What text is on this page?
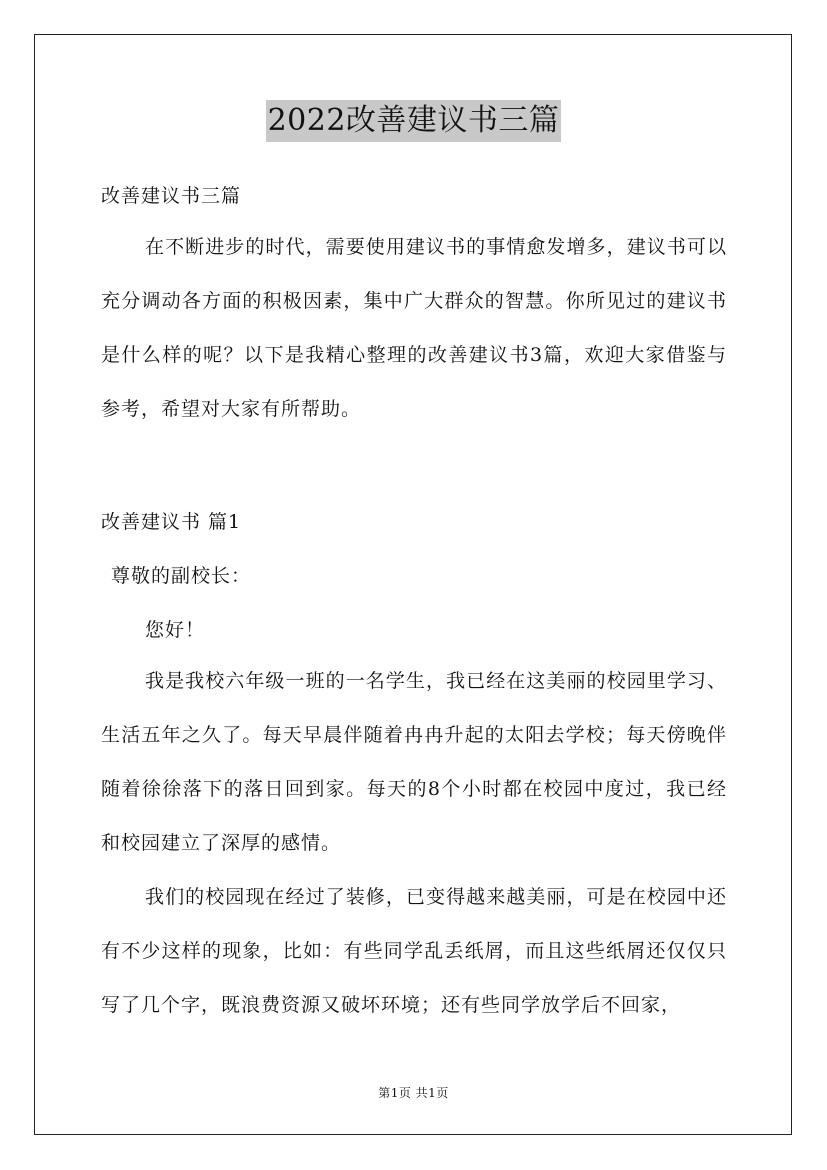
2022改善建议书三篇
改善建议书三篇

在不断进步的时代，需要使用建议书的事情愈发增多，建议书可以充分调动各方面的积极因素，集中广大群众的智慧。你所见过的建议书是什么样的呢？以下是我精心整理的改善建议书3篇，欢迎大家借鉴与参考，希望对大家有所帮助。

改善建议书 篇1
尊敬的副校长：
您好！

我是我校六年级一班的一名学生，我已经在这美丽的校园里学习、生活五年之久了。每天早晨伴随着冉冉升起的太阳去学校；每天傍晚伴随着徐徐落下的落日回到家。每天的8个小时都在校园中度过，我已经和校园建立了深厚的感情。

我们的校园现在经过了装修，已变得越来越美丽，可是在校园中还有不少这样的现象，比如：有些同学乱丢纸屑，而且这些纸屑还仅仅只写了几个字，既浪费资源又破坏环境；还有些同学放学后不回家，

第1页 共1页
